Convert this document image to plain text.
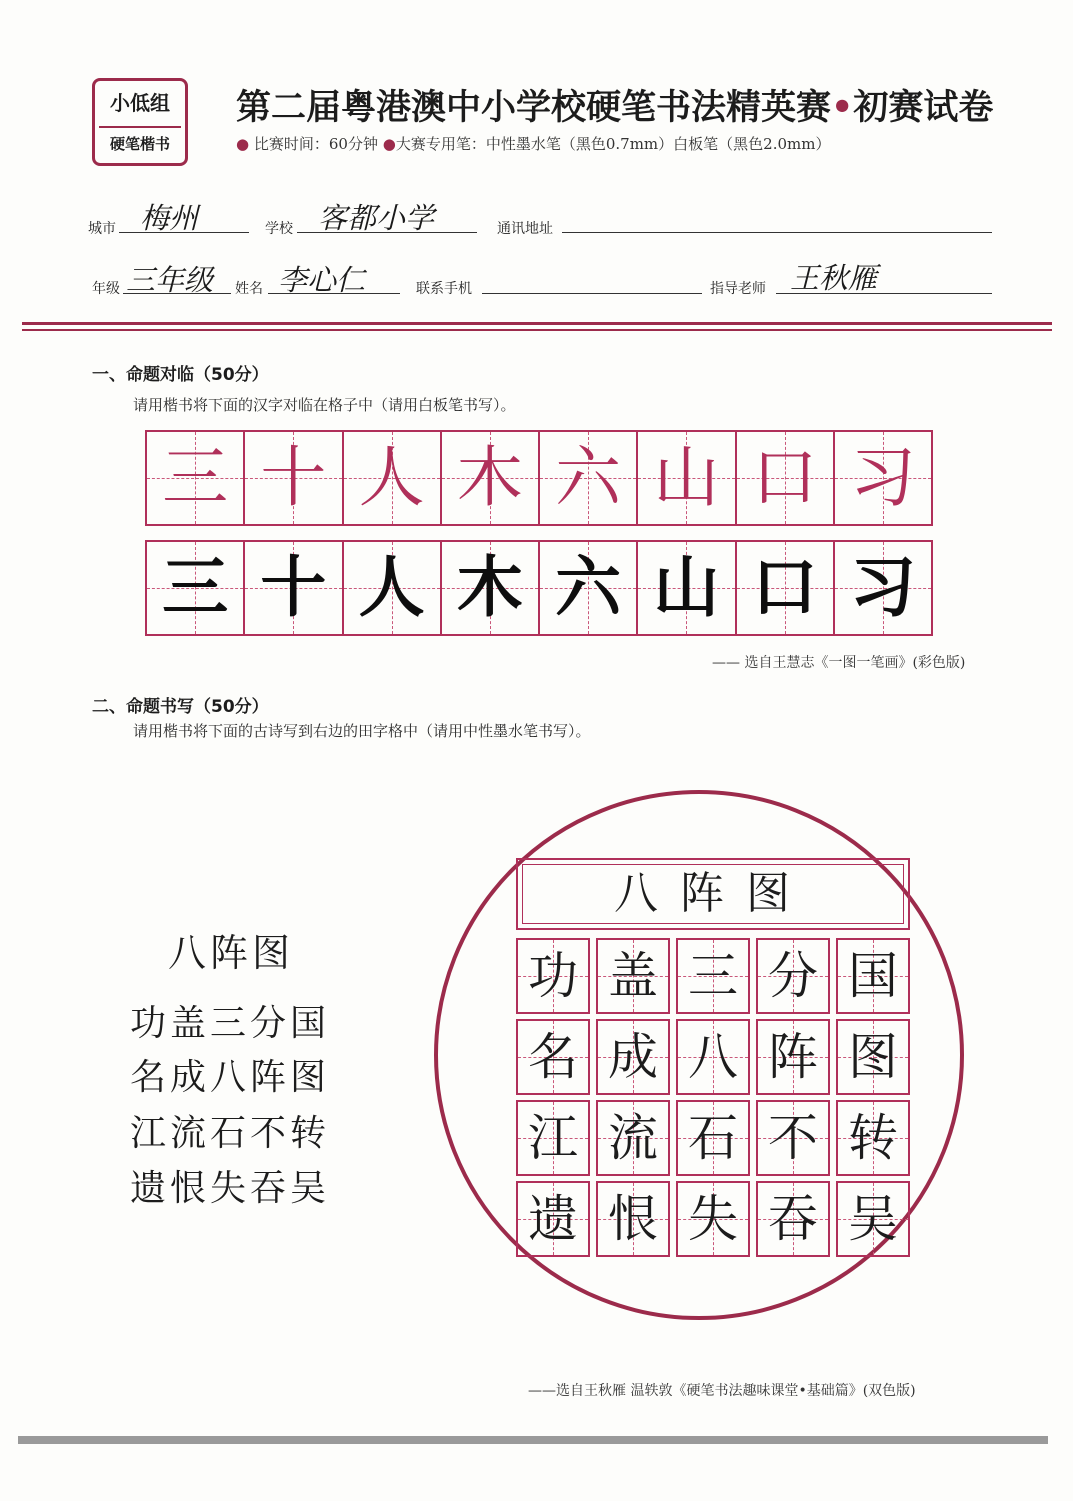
小低组
硬笔楷书
第二届粤港澳中小学校硬笔书法精英赛•初赛试卷
● 比赛时间：60分钟 ●大赛专用笔：中性墨水笔（黑色0.7mm）白板笔（黑色2.0mm）
城市 梅州	学校 客都小学	通讯地址
年级 三年级 姓名 李心仁	联系手机	指导老师 王秋雁
一、命题对临（50分）
请用楷书将下面的汉字对临在格子中（请用白板笔书写）。
三 十 人 木 六 山 口 习
三 十 人 木 六 山 口 习
—— 选自王慧志《一图一笔画》(彩色版)
二、命题书写（50分）
请用楷书将下面的古诗写到右边的田字格中（请用中性墨水笔书写）。
八阵图
功盖三分国
名成八阵图
江流石不转
遗恨失吞吴
八阵图
功 盖 三 分 国
名 成 八 阵 图
江 流 石 不 转
遗 恨 失 吞 吴
——选自王秋雁 温轶敦《硬笔书法趣味课堂•基础篇》(双色版)
